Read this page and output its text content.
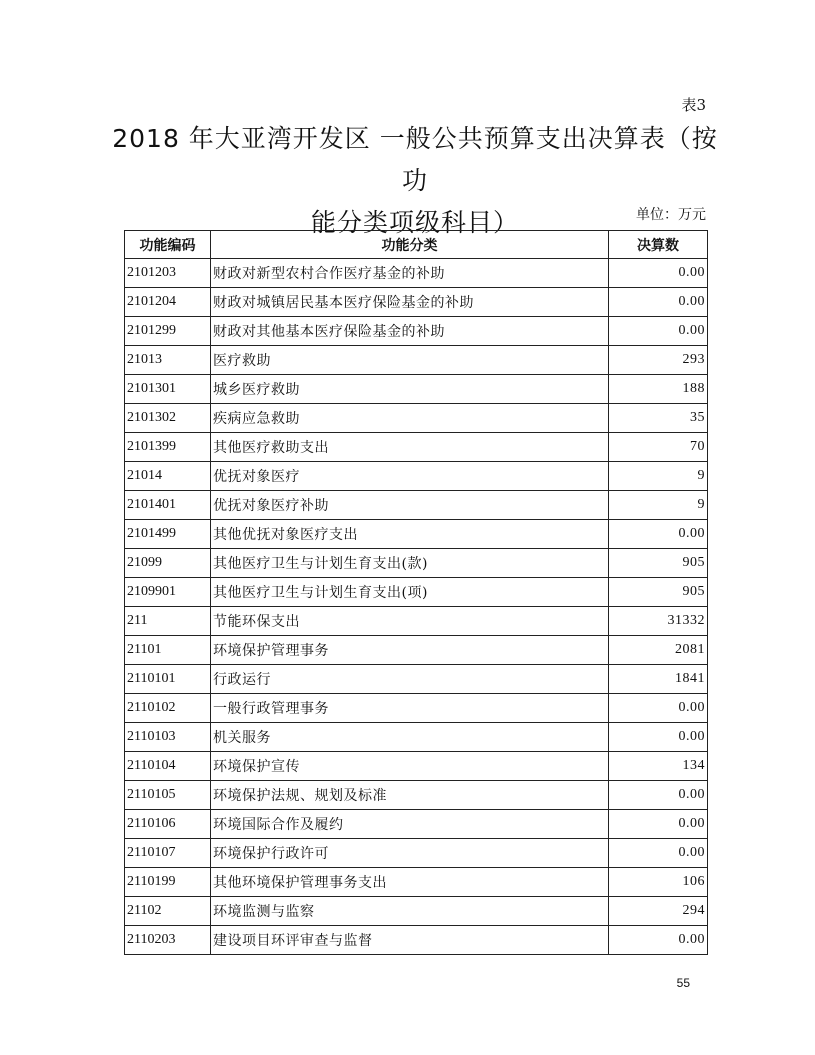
表3
2018 年大亚湾开发区 一般公共预算支出决算表（按功
能分类项级科目）	单位：万元
功能编码	功能分类	决算数
2101203	财政对新型农村合作医疗基金的补助	0.00
2101204	财政对城镇居民基本医疗保险基金的补助	0.00
2101299	财政对其他基本医疗保险基金的补助	0.00
21013	医疗救助	293
2101301	城乡医疗救助	188
2101302	疾病应急救助	35
2101399	其他医疗救助支出	70
21014	优抚对象医疗	9
2101401	优抚对象医疗补助	9
2101499	其他优抚对象医疗支出	0.00
21099	其他医疗卫生与计划生育支出(款)	905
2109901	其他医疗卫生与计划生育支出(项)	905
211	节能环保支出	31332
21101	环境保护管理事务	2081
2110101	行政运行	1841
2110102	一般行政管理事务	0.00
2110103	机关服务	0.00
2110104	环境保护宣传	134
2110105	环境保护法规、规划及标准	0.00
2110106	环境国际合作及履约	0.00
2110107	环境保护行政许可	0.00
2110199	其他环境保护管理事务支出	106
21102	环境监测与监察	294
2110203	建设项目环评审查与监督	0.00
55
